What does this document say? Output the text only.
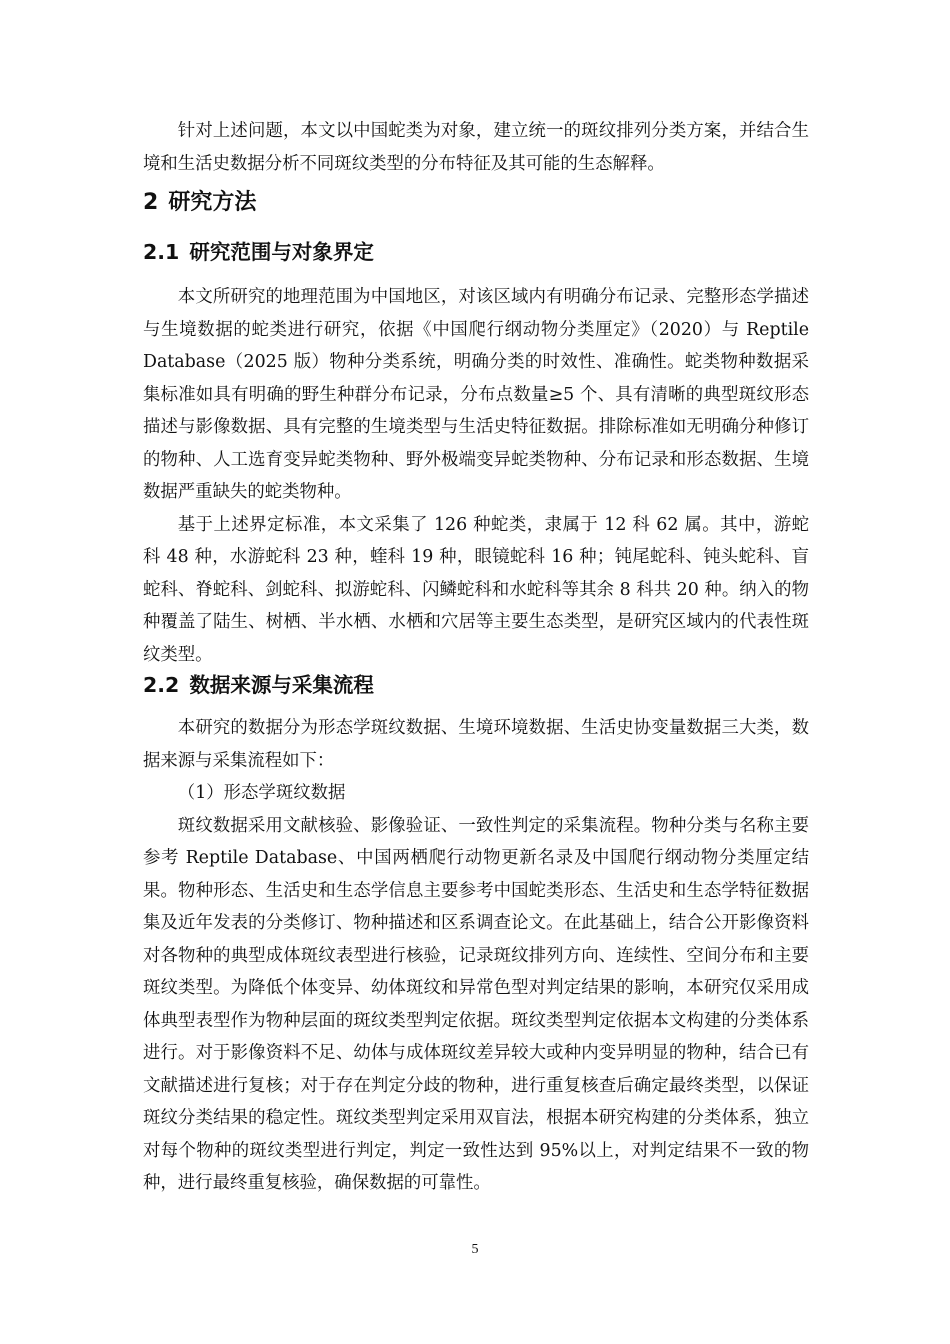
针对上述问题，本文以中国蛇类为对象，建立统一的斑纹排列分类方案，并结合生境和生活史数据分析不同斑纹类型的分布特征及其可能的生态解释。

2 研究方法
2.1 研究范围与对象界定

本文所研究的地理范围为中国地区，对该区域内有明确分布记录、完整形态学描述与生境数据的蛇类进行研究，依据《中国爬行纲动物分类厘定》（2020）与 Reptile Database（2025 版）物种分类系统，明确分类的时效性、准确性。蛇类物种数据采集标准如具有明确的野生种群分布记录，分布点数量≥5 个、具有清晰的典型斑纹形态描述与影像数据、具有完整的生境类型与生活史特征数据。排除标准如无明确分种修订的物种、人工选育变异蛇类物种、野外极端变异蛇类物种、分布记录和形态数据、生境数据严重缺失的蛇类物种。

基于上述界定标准，本文采集了 126 种蛇类，隶属于 12 科 62 属。其中，游蛇科 48 种，水游蛇科 23 种，蝰科 19 种，眼镜蛇科 16 种；钝尾蛇科、钝头蛇科、盲蛇科、脊蛇科、剑蛇科、拟游蛇科、闪鳞蛇科和水蛇科等其余 8 科共 20 种。纳入的物种覆盖了陆生、树栖、半水栖、水栖和穴居等主要生态类型，是研究区域内的代表性斑纹类型。

2.2 数据来源与采集流程

本研究的数据分为形态学斑纹数据、生境环境数据、生活史协变量数据三大类，数据来源与采集流程如下：

（1）形态学斑纹数据

斑纹数据采用文献核验、影像验证、一致性判定的采集流程。物种分类与名称主要参考 Reptile Database、中国两栖爬行动物更新名录及中国爬行纲动物分类厘定结果。物种形态、生活史和生态学信息主要参考中国蛇类形态、生活史和生态学特征数据集及近年发表的分类修订、物种描述和区系调查论文。在此基础上，结合公开影像资料对各物种的典型成体斑纹表型进行核验，记录斑纹排列方向、连续性、空间分布和主要斑纹类型。为降低个体变异、幼体斑纹和异常色型对判定结果的影响，本研究仅采用成体典型表型作为物种层面的斑纹类型判定依据。斑纹类型判定依据本文构建的分类体系进行。对于影像资料不足、幼体与成体斑纹差异较大或种内变异明显的物种，结合已有文献描述进行复核；对于存在判定分歧的物种，进行重复核查后确定最终类型，以保证斑纹分类结果的稳定性。斑纹类型判定采用双盲法，根据本研究构建的分类体系，独立对每个物种的斑纹类型进行判定，判定一致性达到 95%以上，对判定结果不一致的物种，进行最终重复核验，确保数据的可靠性。

5
